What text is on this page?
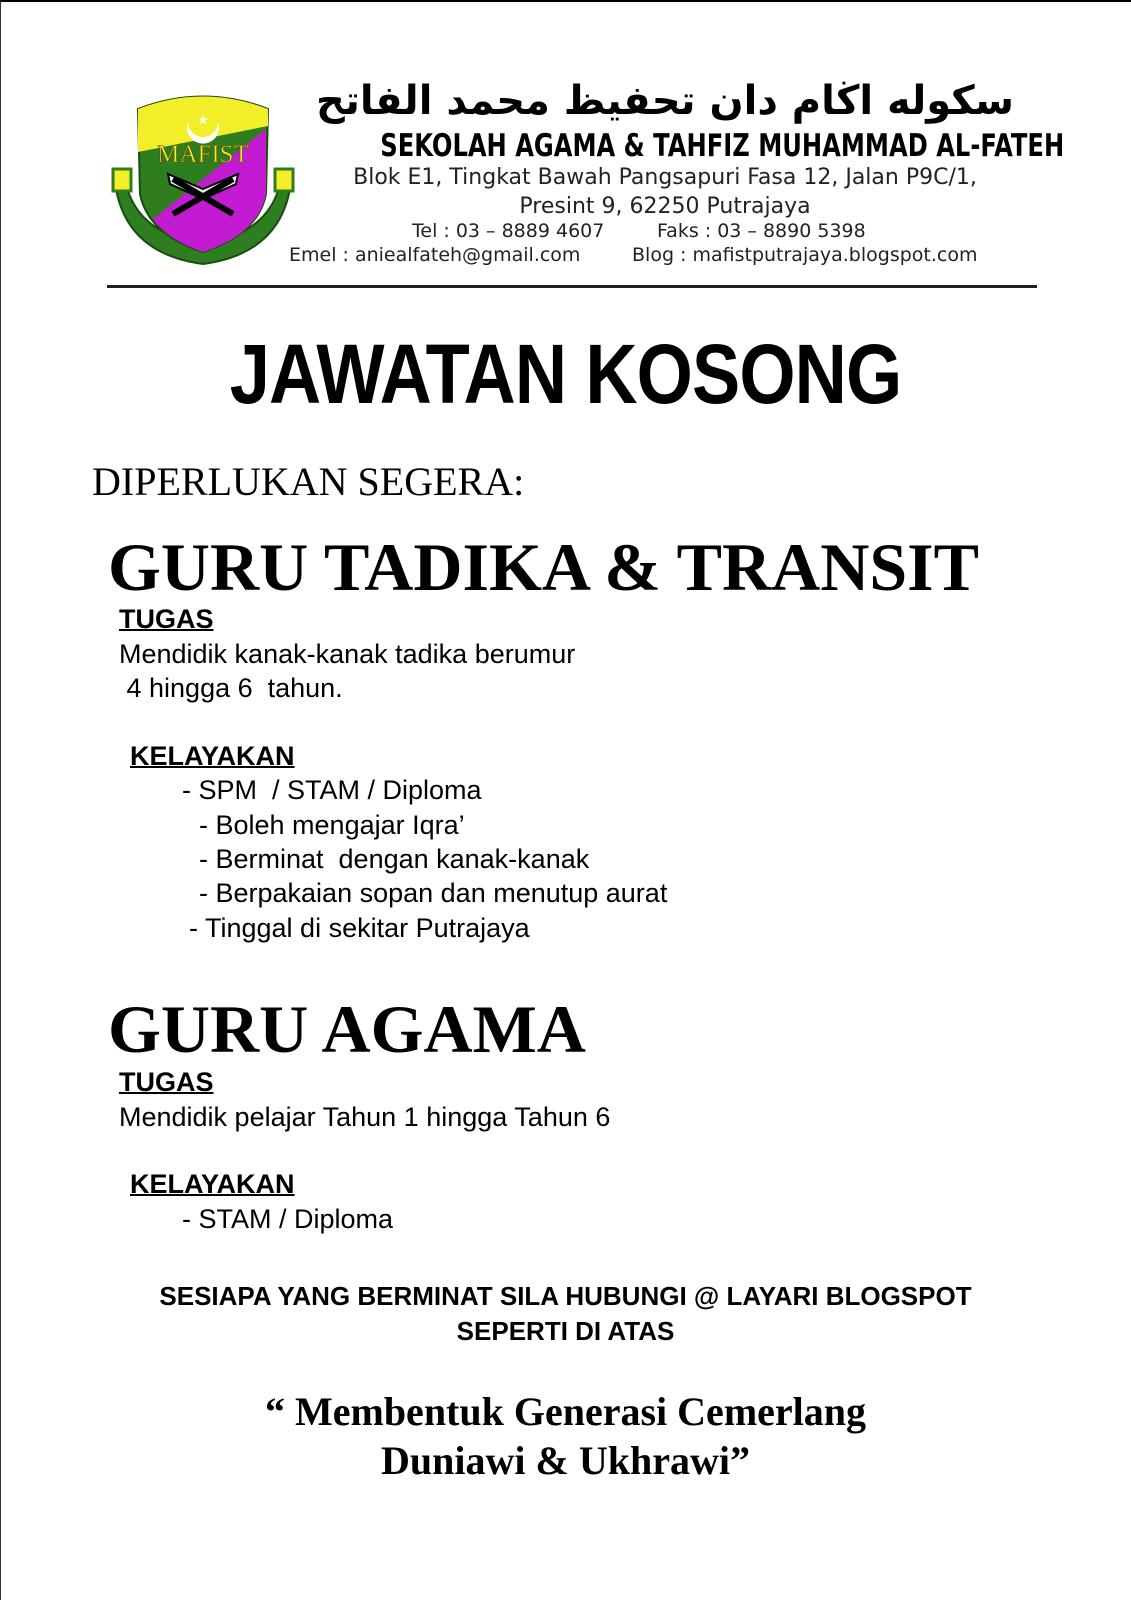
★
MAFIST
سكوله اڬام دان تحفيظ محمد الفاتح
SEKOLAH AGAMA & TAHFIZ MUHAMMAD AL-FATEH
Blok E1, Tingkat Bawah Pangsapuri Fasa 12, Jalan P9C/1,
Presint 9, 62250 Putrajaya
Tel : 03 – 8889 4607	Faks : 03 – 8890 5398
Emel : aniealfateh@gmail.com	Blog : mafistputrajaya.blogspot.com
JAWATAN KOSONG
DIPERLUKAN SEGERA:
GURU TADIKA & TRANSIT
TUGAS
Mendidik kanak-kanak tadika berumur
4 hingga 6  tahun.
KELAYAKAN
- SPM  / STAM / Diploma
- Boleh mengajar Iqra’
- Berminat  dengan kanak-kanak
- Berpakaian sopan dan menutup aurat
- Tinggal di sekitar Putrajaya
GURU AGAMA
TUGAS
Mendidik pelajar Tahun 1 hingga Tahun 6
KELAYAKAN
- STAM / Diploma
SESIAPA YANG BERMINAT SILA HUBUNGI @ LAYARI BLOGSPOT
SEPERTI DI ATAS
“ Membentuk Generasi Cemerlang
Duniawi & Ukhrawi”
